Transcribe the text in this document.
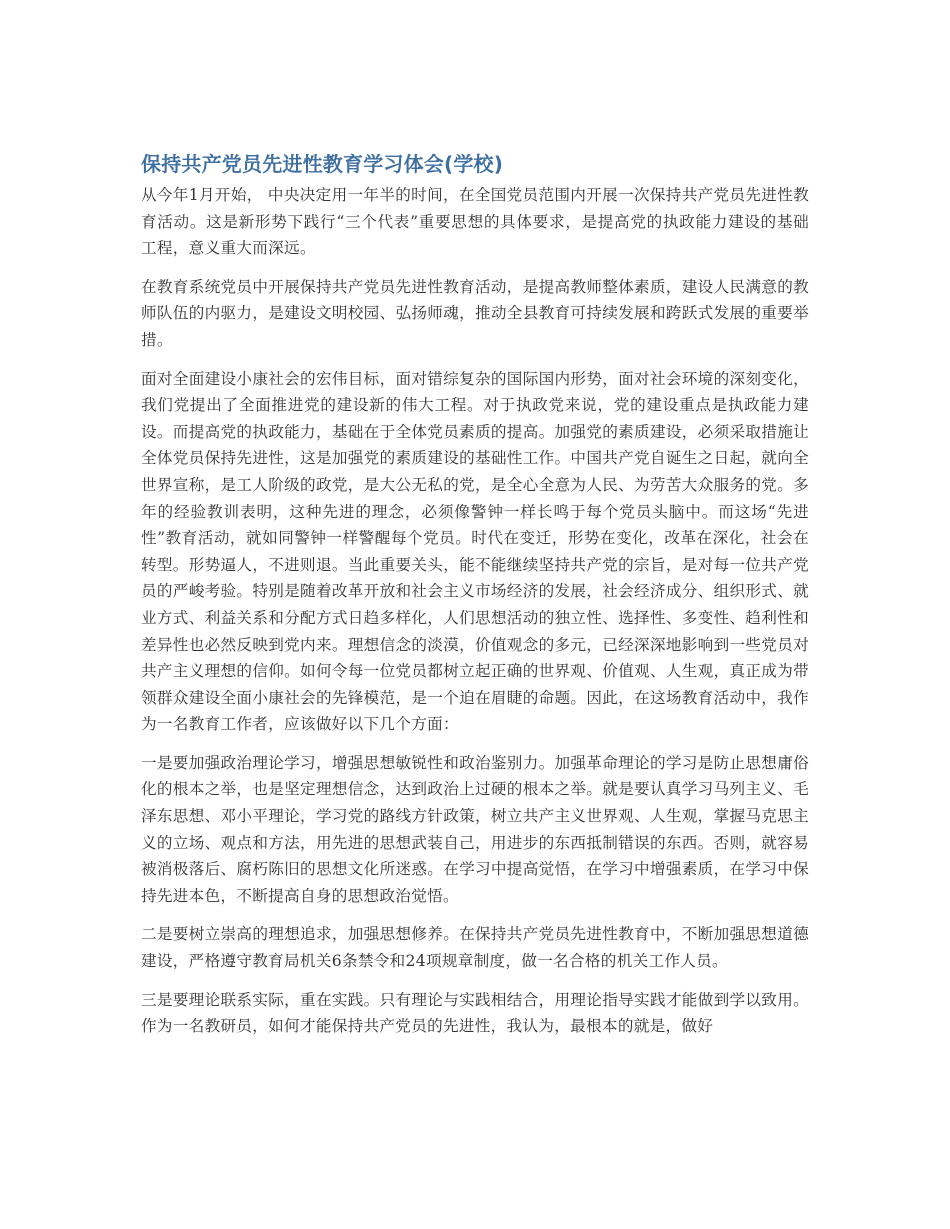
保持共产党员先进性教育学习体会(学校)

从今年1月开始， 中央决定用一年半的时间，在全国党员范围内开展一次保持共产党员先进性教育活动。这是新形势下践行“三个代表”重要思想的具体要求，是提高党的执政能力建设的基础工程，意义重大而深远。

在教育系统党员中开展保持共产党员先进性教育活动，是提高教师整体素质，建设人民满意的教师队伍的内驱力，是建设文明校园、弘扬师魂，推动全县教育可持续发展和跨跃式发展的重要举措。

面对全面建设小康社会的宏伟目标，面对错综复杂的国际国内形势，面对社会环境的深刻变化，我们党提出了全面推进党的建设新的伟大工程。对于执政党来说，党的建设重点是执政能力建设。而提高党的执政能力，基础在于全体党员素质的提高。加强党的素质建设，必须采取措施让全体党员保持先进性，这是加强党的素质建设的基础性工作。中国共产党自诞生之日起，就向全世界宣称，是工人阶级的政党，是大公无私的党，是全心全意为人民、为劳苦大众服务的党。多年的经验教训表明，这种先进的理念，必须像警钟一样长鸣于每个党员头脑中。而这场“先进性”教育活动，就如同警钟一样警醒每个党员。时代在变迁，形势在变化，改革在深化，社会在转型。形势逼人，不进则退。当此重要关头，能不能继续坚持共产党的宗旨，是对每一位共产党员的严峻考验。特别是随着改革开放和社会主义市场经济的发展，社会经济成分、组织形式、就业方式、利益关系和分配方式日趋多样化，人们思想活动的独立性、选择性、多变性、趋利性和差异性也必然反映到党内来。理想信念的淡漠，价值观念的多元，已经深深地影响到一些党员对共产主义理想的信仰。如何令每一位党员都树立起正确的世界观、价值观、人生观，真正成为带领群众建设全面小康社会的先锋模范，是一个迫在眉睫的命题。因此，在这场教育活动中，我作为一名教育工作者，应该做好以下几个方面：

一是要加强政治理论学习，增强思想敏锐性和政治鉴别力。加强革命理论的学习是防止思想庸俗化的根本之举，也是坚定理想信念，达到政治上过硬的根本之举。就是要认真学习马列主义、毛泽东思想、邓小平理论，学习党的路线方针政策，树立共产主义世界观、人生观，掌握马克思主义的立场、观点和方法，用先进的思想武装自己，用进步的东西抵制错误的东西。否则，就容易被消极落后、腐朽陈旧的思想文化所迷惑。在学习中提高觉悟，在学习中增强素质，在学习中保持先进本色，不断提高自身的思想政治觉悟。

二是要树立崇高的理想追求，加强思想修养。在保持共产党员先进性教育中，不断加强思想道德建设，严格遵守教育局机关6条禁令和24项规章制度，做一名合格的机关工作人员。

三是要理论联系实际，重在实践。只有理论与实践相结合，用理论指导实践才能做到学以致用。作为一名教研员，如何才能保持共产党员的先进性，我认为，最根本的就是，做好
